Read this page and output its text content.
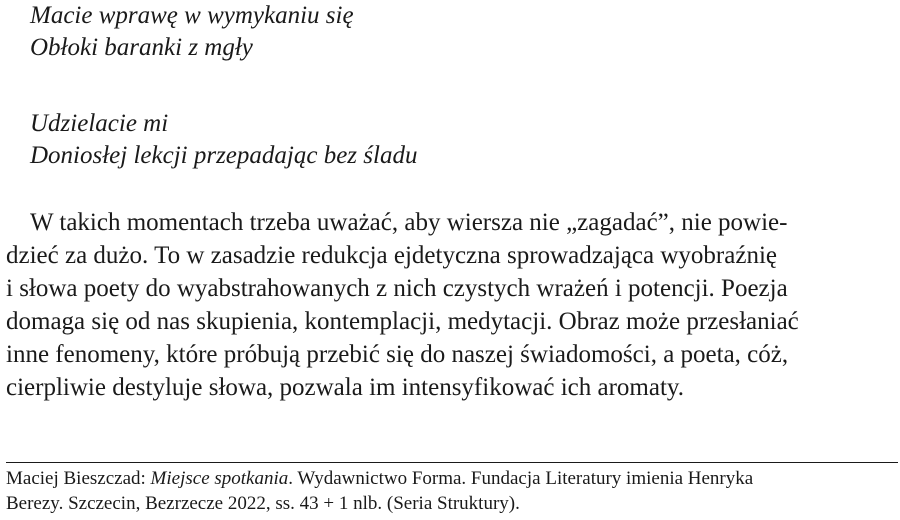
Macie wprawę w wymykaniu się
Obłoki baranki z mgły
Udzielacie mi
Doniosłej lekcji przepadając bez śladu
W takich momentach trzeba uważać, aby wiersza nie „zagadać”, nie powie-
dzieć za dużo. To w zasadzie redukcja ejdetyczna sprowadzająca wyobraźnię
i słowa poety do wyabstrahowanych z nich czystych wrażeń i potencji. Poezja
domaga się od nas skupienia, kontemplacji, medytacji. Obraz może przesłaniać
inne fenomeny, które próbują przebić się do naszej świadomości, a poeta, cóż,
cierpliwie destyluje słowa, pozwala im intensyfikować ich aromaty.
Maciej Bieszczad: Miejsce spotkania. Wydawnictwo Forma. Fundacja Literatury imienia Henryka
Berezy. Szczecin, Bezrzecze 2022, ss. 43 + 1 nlb. (Seria Struktury).
